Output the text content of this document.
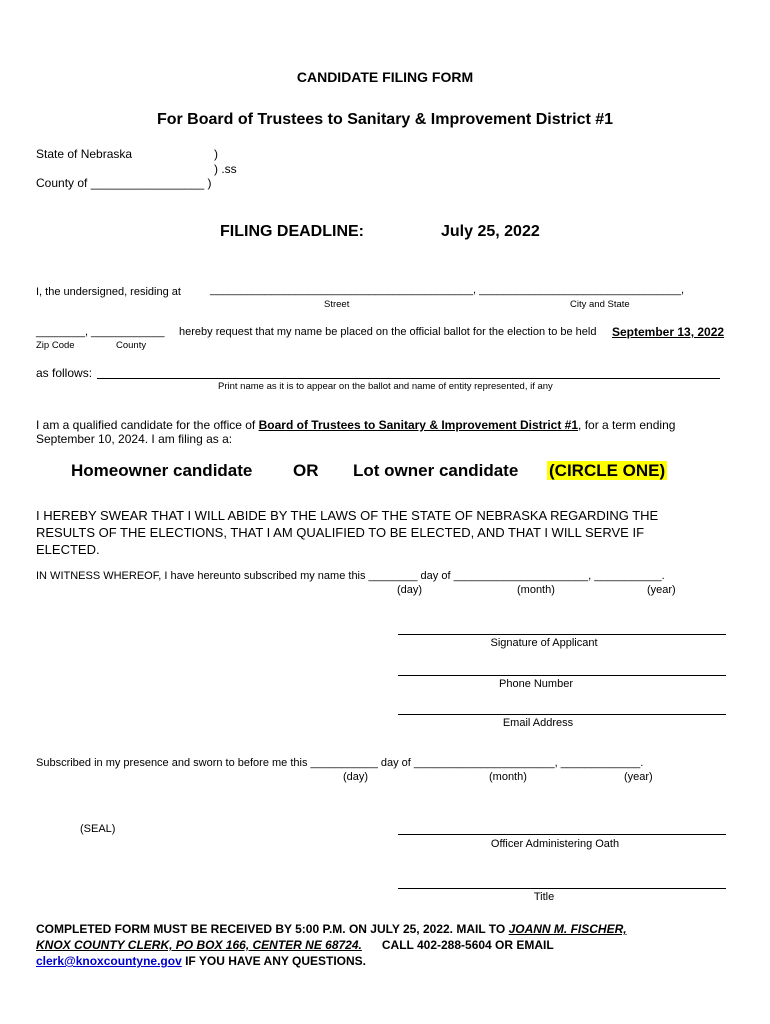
CANDIDATE FILING FORM
For Board of Trustees to Sanitary & Improvement District #1
State of Nebraska	)
) .ss
County of _________________ )
FILING DEADLINE:	July 25, 2022
I, the undersigned, residing at	___________________________________________, _________________________________,
Street	City and State
________, ____________ hereby request that my name be placed on the official ballot for the election to be held September 13, 2022
Zip Code	County
as follows:
Print name as it is to appear on the ballot and name of entity represented, if any
I am a qualified candidate for the office of Board of Trustees to Sanitary & Improvement District #1, for a term ending
September 10, 2024. I am filing as a:
Homeowner candidate OR Lot owner candidate (CIRCLE ONE)
I HEREBY SWEAR THAT I WILL ABIDE BY THE LAWS OF THE STATE OF NEBRASKA REGARDING THE
RESULTS OF THE ELECTIONS, THAT I AM QUALIFIED TO BE ELECTED, AND THAT I WILL SERVE IF
ELECTED.
IN WITNESS WHEREOF, I have hereunto subscribed my name this ________ day of ______________________, ___________.
(day)	(month)	(year)
Signature of Applicant
Phone Number
Email Address
Subscribed in my presence and sworn to before me this ___________ day of _______________________, _____________.
(day)	(month)	(year)
(SEAL)
Officer Administering Oath
Title
COMPLETED FORM MUST BE RECEIVED BY 5:00 P.M. ON JULY 25, 2022. MAIL TO JOANN M. FISCHER,
KNOX COUNTY CLERK, PO BOX 166, CENTER NE 68724.      CALL 402-288-5604 OR EMAIL
clerk@knoxcountyne.gov IF YOU HAVE ANY QUESTIONS.
